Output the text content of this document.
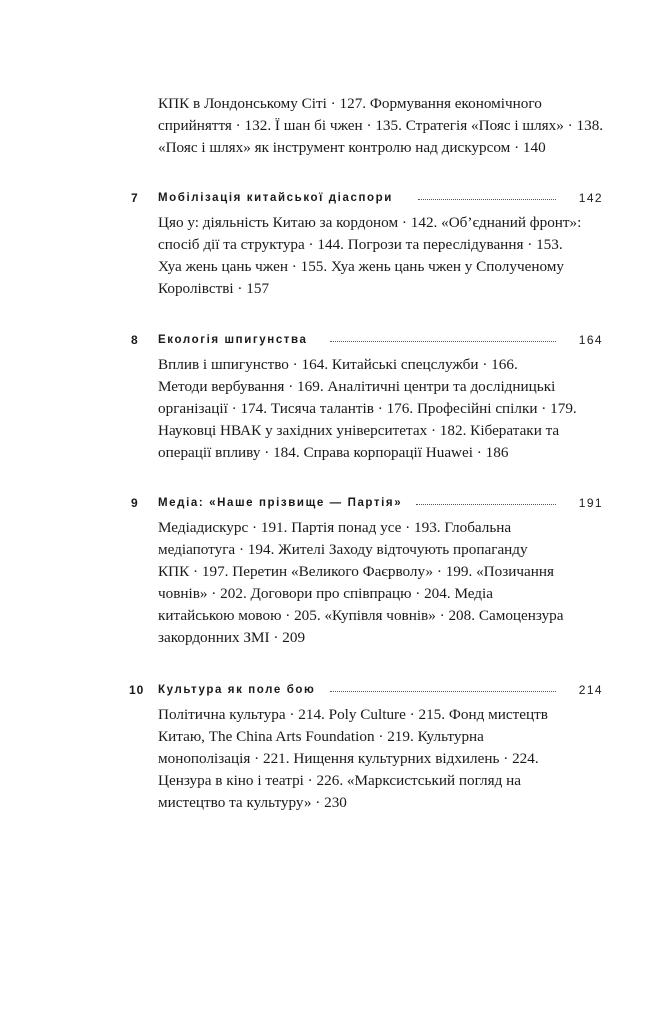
КПК в Лондонському Сіті · 127. Формування економічного
сприйняття · 132. Ї шан бі чжен · 135. Стратегія «Пояс і шлях» · 138.
«Пояс і шлях» як інструмент контролю над дискурсом · 140

7 Мобілізація китайської діаспори	142

Цяо у: діяльність Китаю за кордоном · 142. «Об’єднаний фронт»:
спосіб дії та структура · 144. Погрози та переслідування · 153.
Хуа жень цань чжен · 155. Хуа жень цань чжен у Сполученому
Королівстві · 157

8 Екологія шпигунства	164

Вплив і шпигунство · 164. Китайські спецслужби · 166.
Методи вербування · 169. Аналітичні центри та дослідницькі
організації · 174. Тисяча талантів · 176. Професійні спілки · 179.
Науковці НВАК у західних університетах · 182. Кібератаки та
операції впливу · 184. Справа корпорації Huawei · 186

9 Медіа: «Наше прізвище — Партія»	191

Медіадискурс · 191. Партія понад усе · 193. Глобальна
медіапотуга · 194. Жителі Заходу відточують пропаганду
КПК · 197. Перетин «Великого Фаєрволу» · 199. «Позичання
човнів» · 202. Договори про співпрацю · 204. Медіа
китайською мовою · 205. «Купівля човнів» · 208. Самоцензура
закордонних ЗМІ · 209

10 Культура як поле бою	214

Політична культура · 214. Poly Culture · 215. Фонд мистецтв
Китаю, The China Arts Foundation · 219. Культурна
монополізація · 221. Нищення культурних відхилень · 224.
Цензура в кіно і театрі · 226. «Марксистський погляд на
мистецтво та культуру» · 230
